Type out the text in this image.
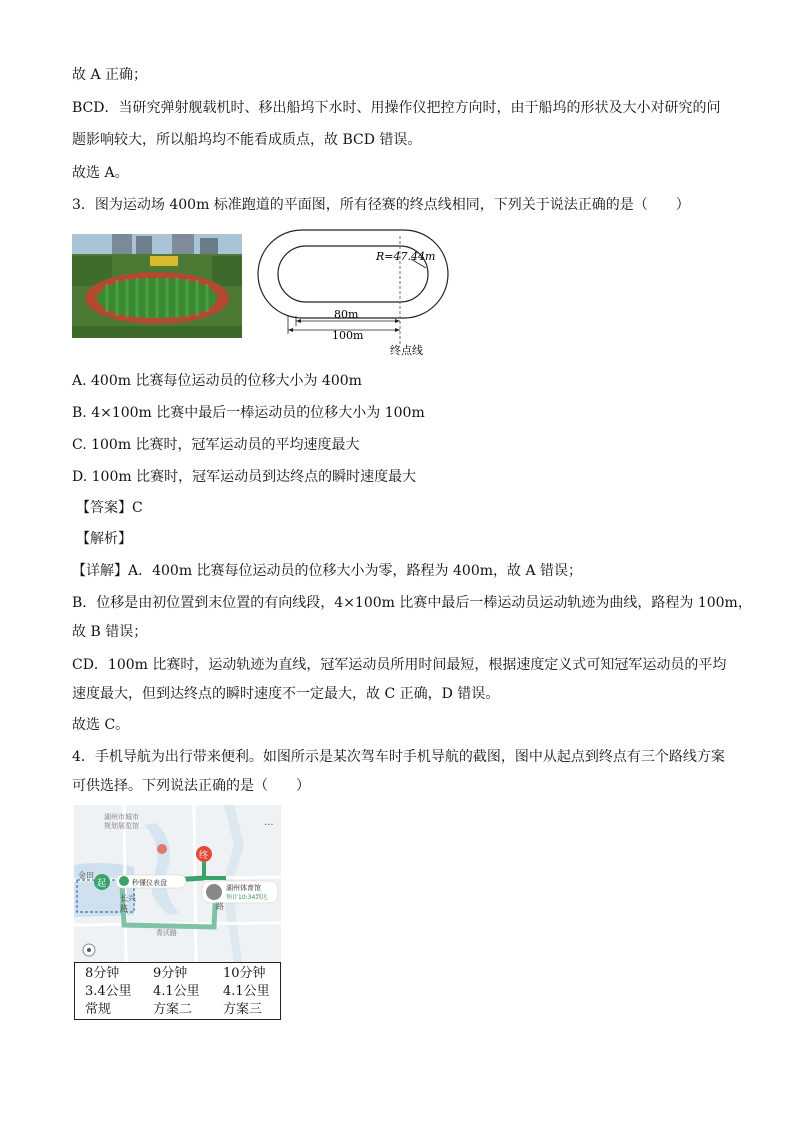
故 A 正确；
BCD．当研究弹射舰载机时、移出船坞下水时、用操作仪把控方向时，由于船坞的形状及大小对研究的问
题影响较大，所以船坞均不能看成质点，故 BCD 错误。
故选 A。
3．图为运动场 400m 标准跑道的平面图，所有径赛的终点线相同，下列关于说法正确的是（　　）
R=47.44m
80m
100m
终点线
A. 400m 比赛每位运动员的位移大小为 400m
B. 4×100m 比赛中最后一棒运动员的位移大小为 100m
C. 100m 比赛时，冠军运动员的平均速度最大
D. 100m 比赛时，冠军运动员到达终点的瞬时速度最大
【答案】C
【解析】
【详解】A．400m 比赛每位运动员的位移大小为零，路程为 400m，故 A 错误；
B．位移是由初位置到末位置的有向线段，4×100m 比赛中最后一棒运动员运动轨迹为曲线，路程为 100m，
故 B 错误；
CD．100m 比赛时，运动轨迹为直线，冠军运动员所用时间最短，根据速度定义式可知冠军运动员的平均
速度最大，但到达终点的瞬时速度不一定最大，故 C 正确，D 错误。
故选 C。
4．手机导航为出行带来便利。如图所示是某次驾车时手机导航的截图，图中从起点到终点有三个路线方案
可供选择。下列说法正确的是（　　）
湖州市城市
规划展览馆	···
金田
起
终
秒懂仪表盘
湖州体育馆
预计10:34到达
长兴
路
青沃路
路
8分钟	9分钟	10分钟
3.4公里 4.1公里 4.1公里
常规	方案二 方案三
